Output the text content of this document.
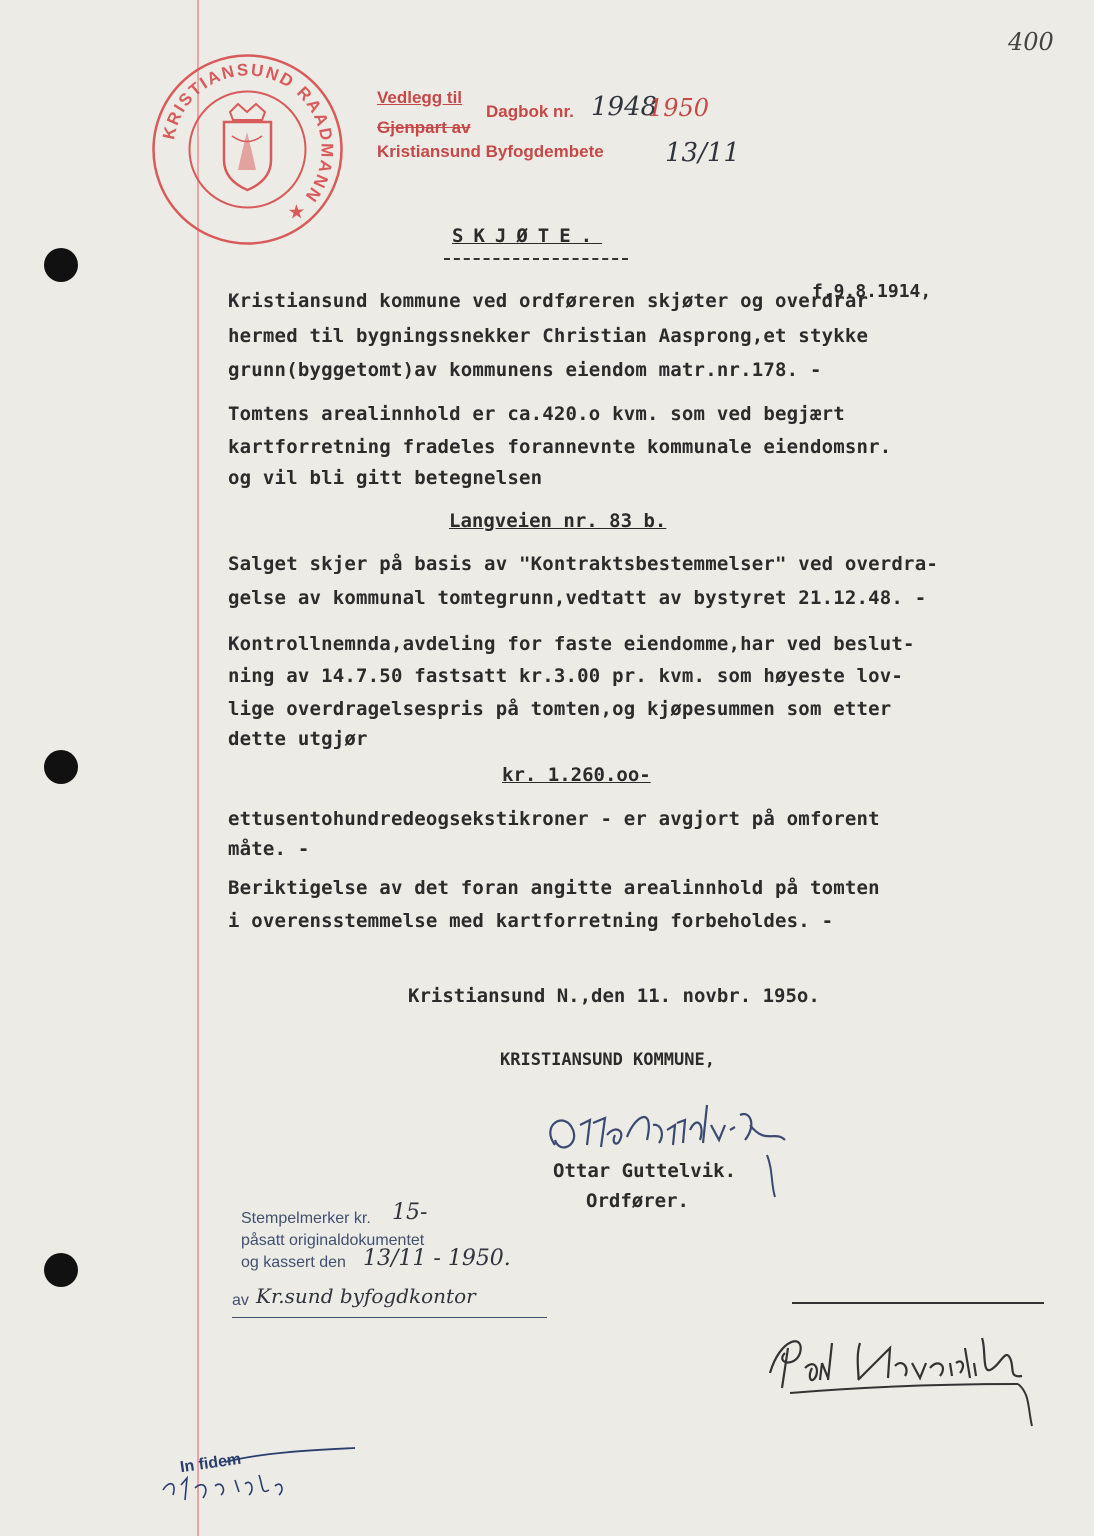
400
KRISTIANSUND RAADMANN ★
Vedlegg til
Dagbok nr. 1948
1950
Gjenpart av
Kristiansund Byfogdembete 13/11
SKJØTE.
f.9.8.1914,
Kristiansund kommune ved ordføreren skjøter og overdrar
hermed til bygningssnekker Christian Aasprong,et stykke
grunn(byggetomt)av kommunens eiendom matr.nr.178. -
Tomtens arealinnhold er ca.420.o kvm. som ved begjært
kartforretning fradeles forannevnte kommunale eiendomsnr.
og vil bli gitt betegnelsen
Langveien nr. 83 b.
Salget skjer på basis av "Kontraktsbestemmelser" ved overdra-
gelse av kommunal tomtegrunn,vedtatt av bystyret 21.12.48. -
Kontrollnemnda,avdeling for faste eiendomme,har ved beslut-
ning av 14.7.50 fastsatt kr.3.00 pr. kvm. som høyeste lov-
lige overdragelsespris på tomten,og kjøpesummen som etter
dette utgjør
kr. 1.260.oo-
ettusentohundredeogsekstikroner - er avgjort på omforent
måte. -
Beriktigelse av det foran angitte arealinnhold på tomten
i overensstemmelse med kartforretning forbeholdes. -
Kristiansund N.,den 11. novbr. 195o.
KRISTIANSUND KOMMUNE,
Ottar Guttelvik.
Ordfører.
Stempelmerker kr. 15-
påsatt originaldokumentet
og kassert den 13/11 - 1950.
av Kr.sund byfogdkontor
In fidem
